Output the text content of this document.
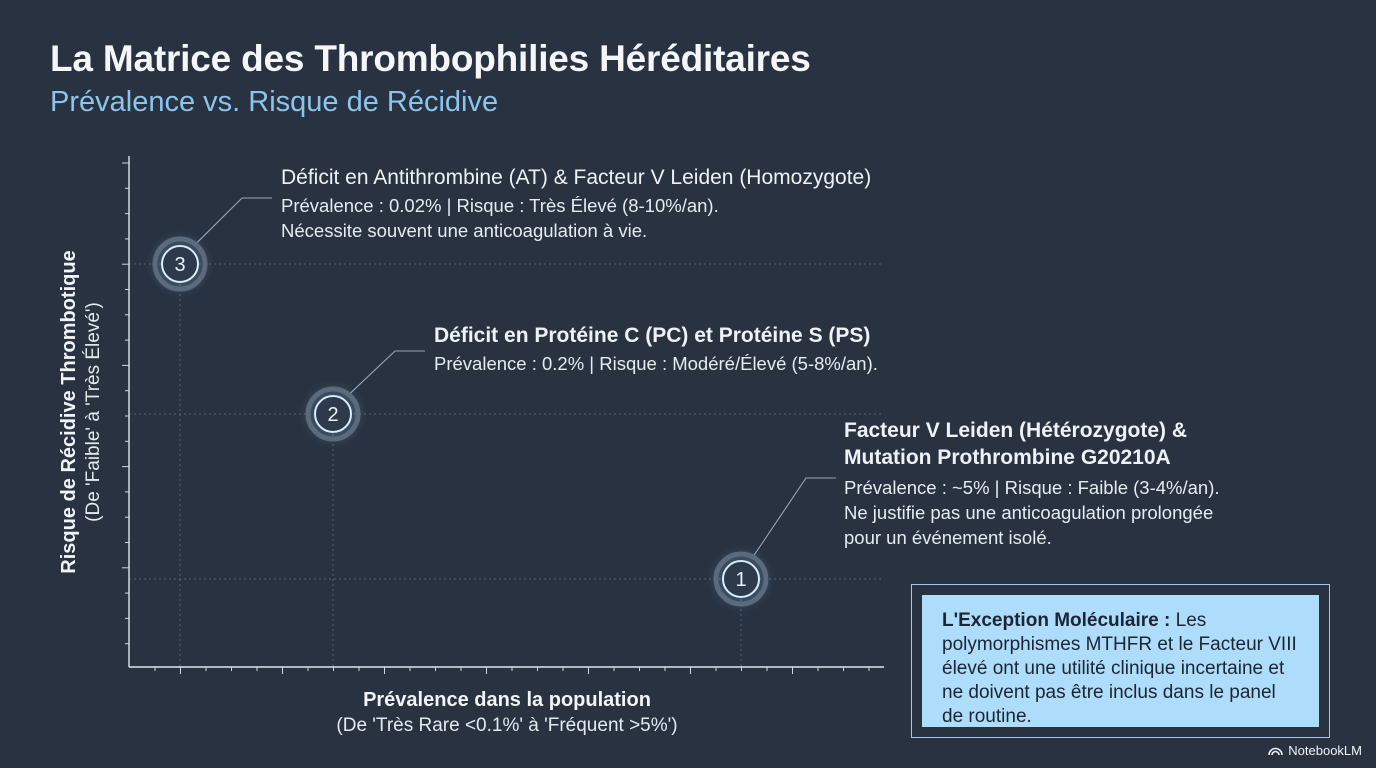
La Matrice des Thrombophilies Héréditaires
Prévalence vs. Risque de Récidive
3
2
1
Prévalence dans la population
(De 'Très Rare <0.1%' à 'Fréquent >5%')
Risque de Récidive Thrombotique (De 'Faible' à 'Très Élevé')
Déficit en Antithrombine (AT) & Facteur V Leiden (Homozygote)
Prévalence : 0.02% | Risque : Très Élevé (8-10%/an).
Nécessite souvent une anticoagulation à vie.
Déficit en Protéine C (PC) et Protéine S (PS)
Prévalence : 0.2% | Risque : Modéré/Élevé (5-8%/an).
Facteur V Leiden (Hétérozygote) &
Mutation Prothrombine G20210A
Prévalence : ~5% | Risque : Faible (3-4%/an).
Ne justifie pas une anticoagulation prolongée
pour un événement isolé.
L'Exception Moléculaire : Les polymorphismes MTHFR et le Facteur VIII élevé ont une utilité clinique incertaine et ne doivent pas être inclus dans le panel de routine.
NotebookLM
